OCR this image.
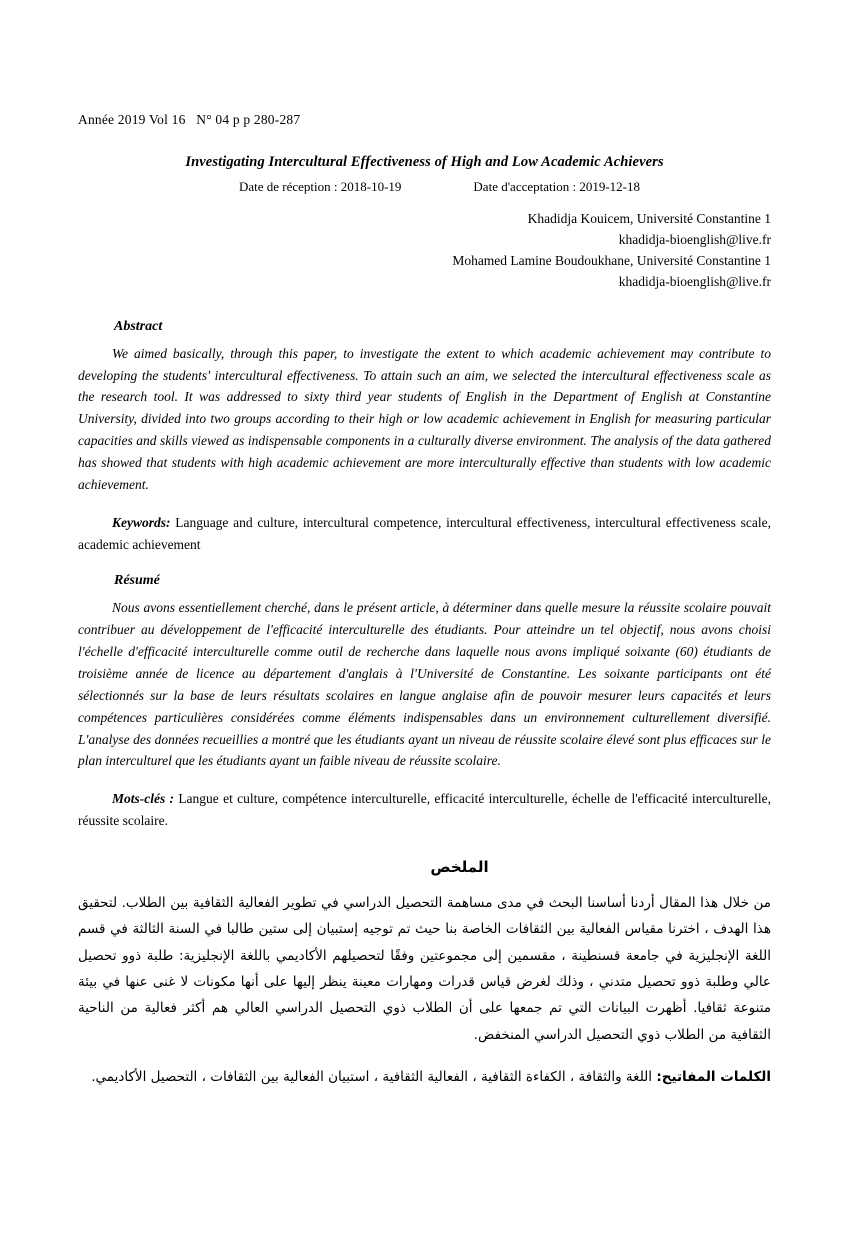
Année 2019 Vol 16   N° 04 p p 280-287
Investigating Intercultural Effectiveness of High and Low Academic Achievers
Date de réception : 2018-10-19	Date d'acceptation : 2019-12-18
Khadidja Kouicem, Université Constantine 1
khadidja-bioenglish@live.fr
Mohamed Lamine Boudoukhane, Université Constantine 1
khadidja-bioenglish@live.fr
Abstract
We aimed basically, through this paper, to investigate the extent to which academic achievement may contribute to developing the students' intercultural effectiveness. To attain such an aim, we selected the intercultural effectiveness scale as the research tool. It was addressed to sixty third year students of English in the Department of English at Constantine University, divided into two groups according to their high or low academic achievement in English for measuring particular capacities and skills viewed as indispensable components in a culturally diverse environment. The analysis of the data gathered has showed that students with high academic achievement are more interculturally effective than students with low academic achievement.

Keywords: Language and culture, intercultural competence, intercultural effectiveness, intercultural effectiveness scale, academic achievement

Résumé
Nous avons essentiellement cherché, dans le présent article, à déterminer dans quelle mesure la réussite scolaire pouvait contribuer au développement de l'efficacité interculturelle des étudiants. Pour atteindre un tel objectif, nous avons choisi l'échelle d'efficacité interculturelle comme outil de recherche dans laquelle nous avons impliqué soixante (60) étudiants de troisième année de licence au département d'anglais à l'Université de Constantine. Les soixante participants ont été sélectionnés sur la base de leurs résultats scolaires en langue anglaise afin de pouvoir mesurer leurs capacités et leurs compétences particulières considérées comme éléments indispensables dans un environnement culturellement diversifié. L'analyse des données recueillies a montré que les étudiants ayant un niveau de réussite scolaire élevé sont plus efficaces sur le plan interculturel que les étudiants ayant un faible niveau de réussite scolaire.

Mots-clés : Langue et culture, compétence interculturelle, efficacité interculturelle, échelle de l'efficacité interculturelle, réussite scolaire.

الملخص
من خلال هذا المقال أردنا أساسنا البحث في مدى مساهمة التحصيل الدراسي في تطوير الفعالية الثقافية بين الطلاب. لتحقيق هذا الهدف ، اخترنا مقياس الفعالية بين الثقافات الخاصة بنا حيث تم توجيه إستبيان إلى ستين طالبا في السنة الثالثة في قسم اللغة الإنجليزية في جامعة قسنطينة ، مقسمين إلى مجموعتين وفقًا لتحصيلهم الأكاديمي باللغة الإنجليزية: طلبة ذوو تحصيل عالي وطلبة ذوو تحصيل متدني ، وذلك لغرض قياس قدرات ومهارات معينة ينظر إليها على أنها مكونات لا غنى عنها في بيئة متنوعة ثقافيا. أظهرت البيانات التي تم جمعها على أن الطلاب ذوي التحصيل الدراسي العالي هم أكثر فعالية من الناحية الثقافية من الطلاب ذوي التحصيل الدراسي المنخفض.

الكلمات المفاتيح: اللغة والثقافة ، الكفاءة الثقافية ، الفعالية الثقافية ، استبيان الفعالية بين الثقافات ، التحصيل الأكاديمي.
